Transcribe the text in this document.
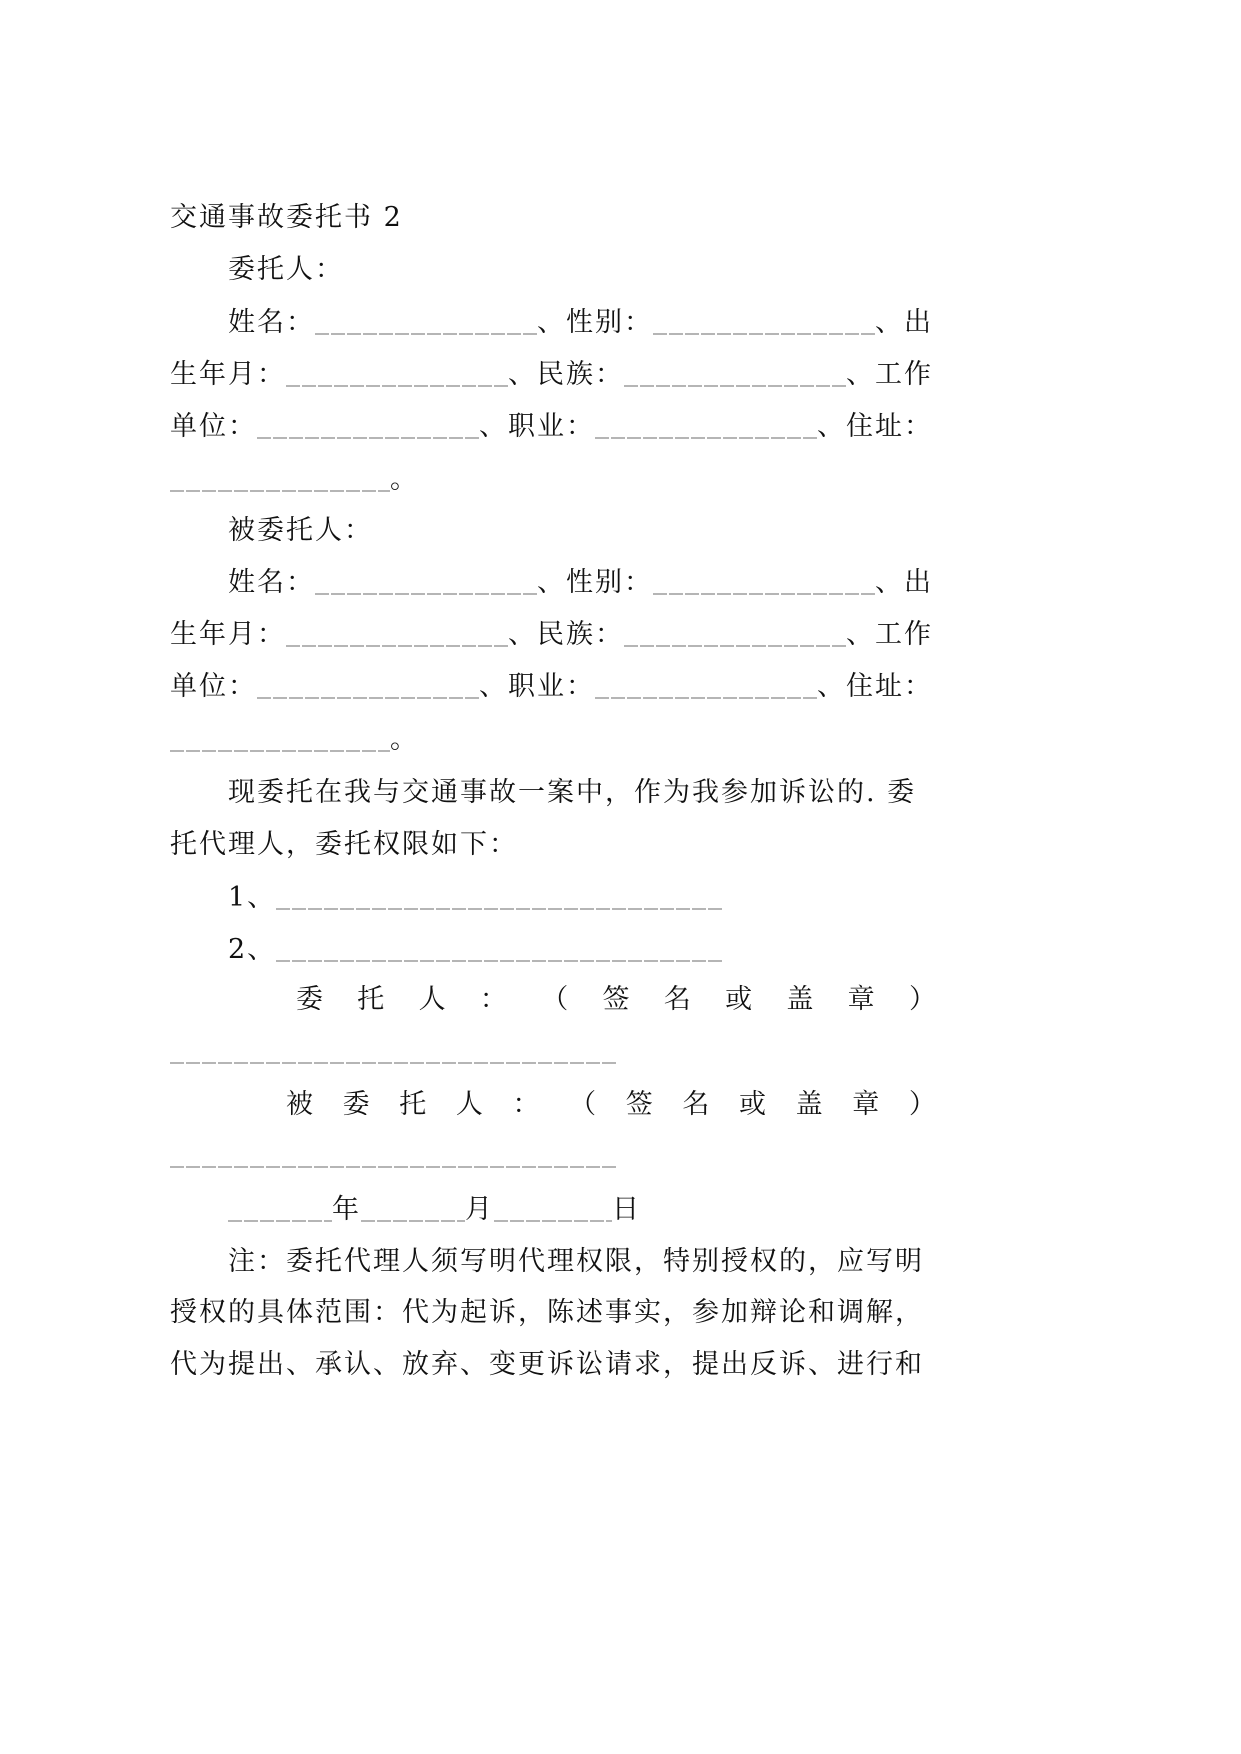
交通事故委托书 2
委托人：
姓名：	、性别：	、出
生年月：	、民族：	、工作
单位：	、职业：	、住址：
。
被委托人：
姓名：	、性别：	、出
生年月：	、民族：	、工作
单位：	、职业：	、住址：
。
现委托在我与交通事故一案中，作为我参加诉讼的. 委
托代理人，委托权限如下：
1、
2、
委 托 人 ： （ 签 名 或 盖 章 ）
被 委 托 人 ： （ 签 名 或 盖 章 ）
年	月	日
注：委托代理人须写明代理权限，特别授权的，应写明
授权的具体范围：代为起诉，陈述事实，参加辩论和调解，
代为提出、承认、放弃、变更诉讼请求，提出反诉、进行和
